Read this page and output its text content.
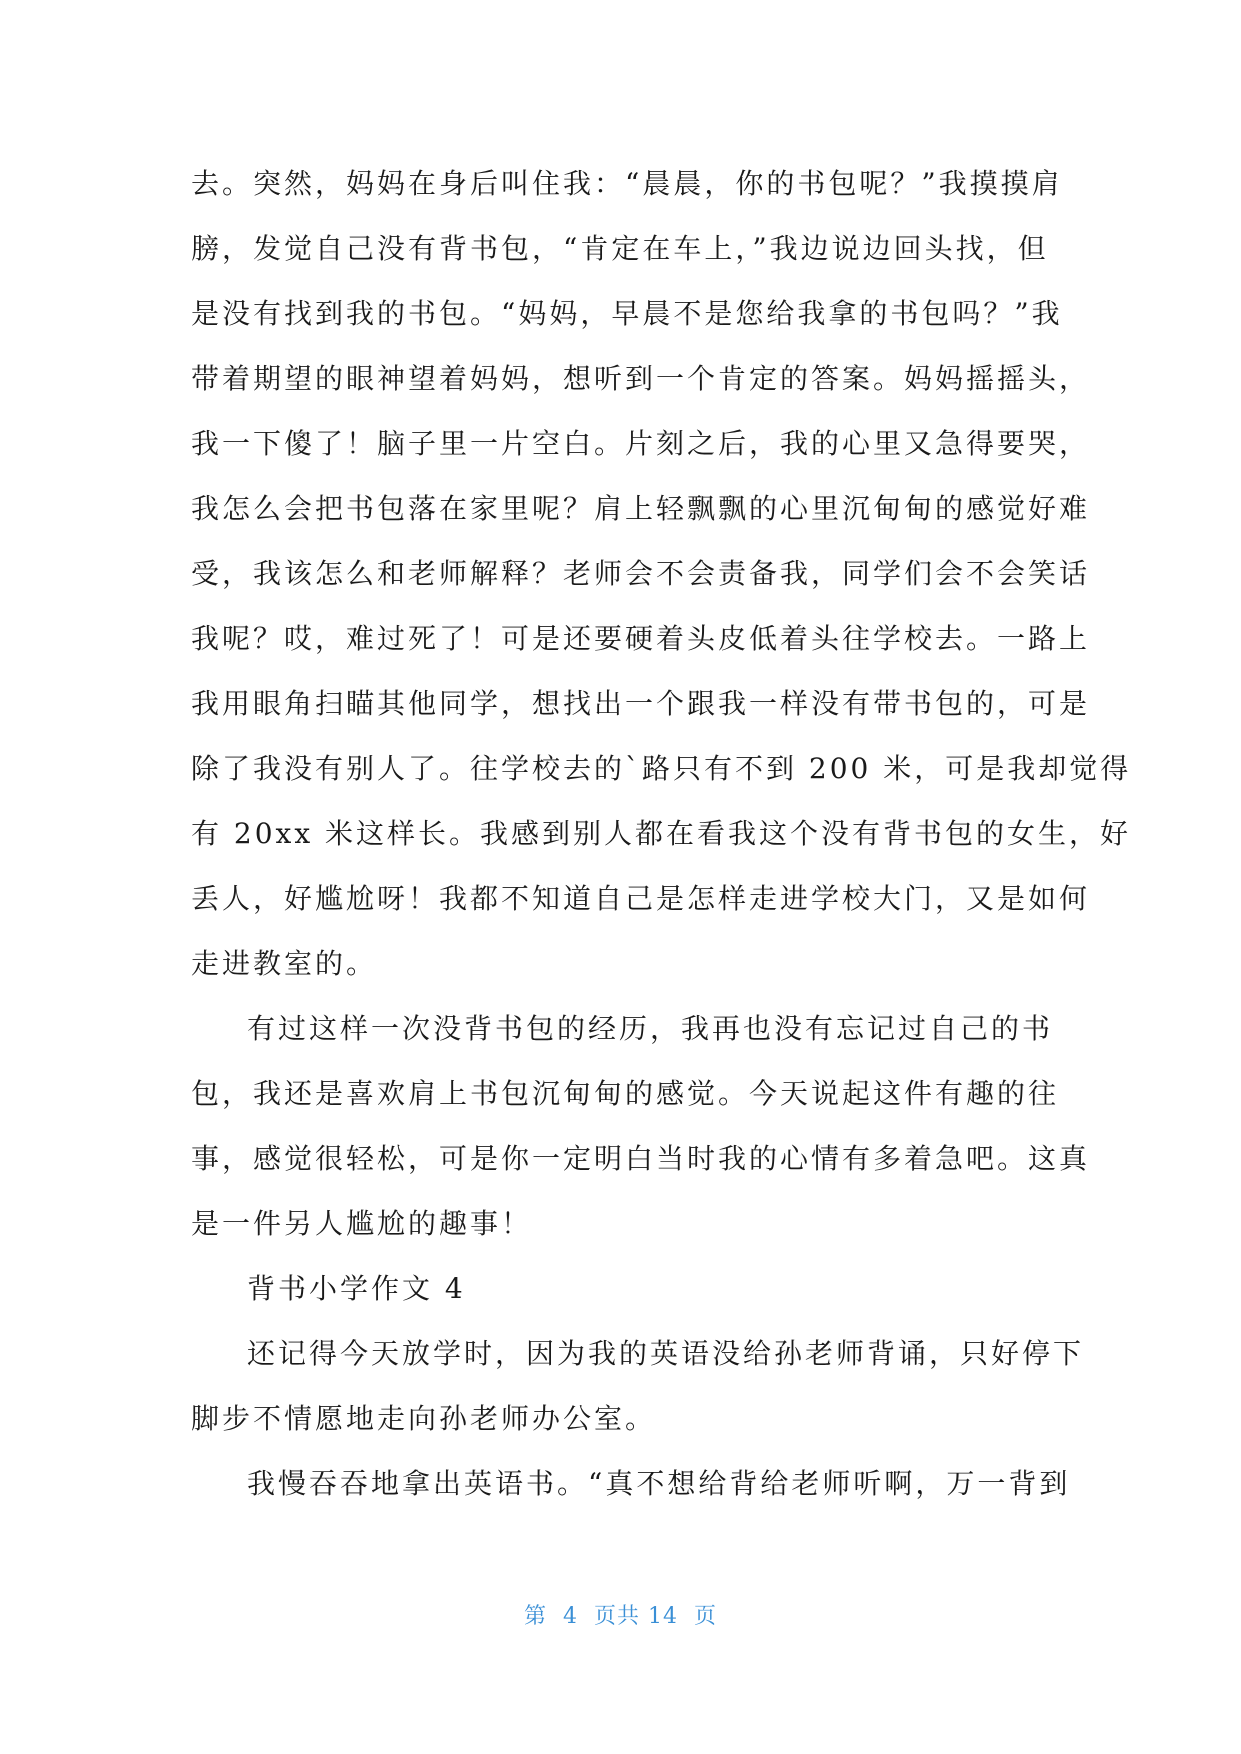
去。突然，妈妈在身后叫住我：“晨晨，你的书包呢？”我摸摸肩
膀，发觉自己没有背书包，“肯定在车上，”我边说边回头找，但
是没有找到我的书包。“妈妈，早晨不是您给我拿的书包吗？”我
带着期望的眼神望着妈妈，想听到一个肯定的答案。妈妈摇摇头，
我一下傻了！脑子里一片空白。片刻之后，我的心里又急得要哭，
我怎么会把书包落在家里呢？肩上轻飘飘的心里沉甸甸的感觉好难
受，我该怎么和老师解释？老师会不会责备我，同学们会不会笑话
我呢？哎，难过死了！可是还要硬着头皮低着头往学校去。一路上
我用眼角扫瞄其他同学，想找出一个跟我一样没有带书包的，可是
除了我没有别人了。往学校去的`路只有不到 200 米，可是我却觉得
有 20xx 米这样长。我感到别人都在看我这个没有背书包的女生，好
丢人，好尴尬呀！我都不知道自己是怎样走进学校大门，又是如何
走进教室的。
有过这样一次没背书包的经历，我再也没有忘记过自己的书
包，我还是喜欢肩上书包沉甸甸的感觉。今天说起这件有趣的往
事，感觉很轻松，可是你一定明白当时我的心情有多着急吧。这真
是一件另人尴尬的趣事！
背书小学作文 4
还记得今天放学时，因为我的英语没给孙老师背诵，只好停下
脚步不情愿地走向孙老师办公室。
我慢吞吞地拿出英语书。“真不想给背给老师听啊，万一背到
第  4  页共 14  页
